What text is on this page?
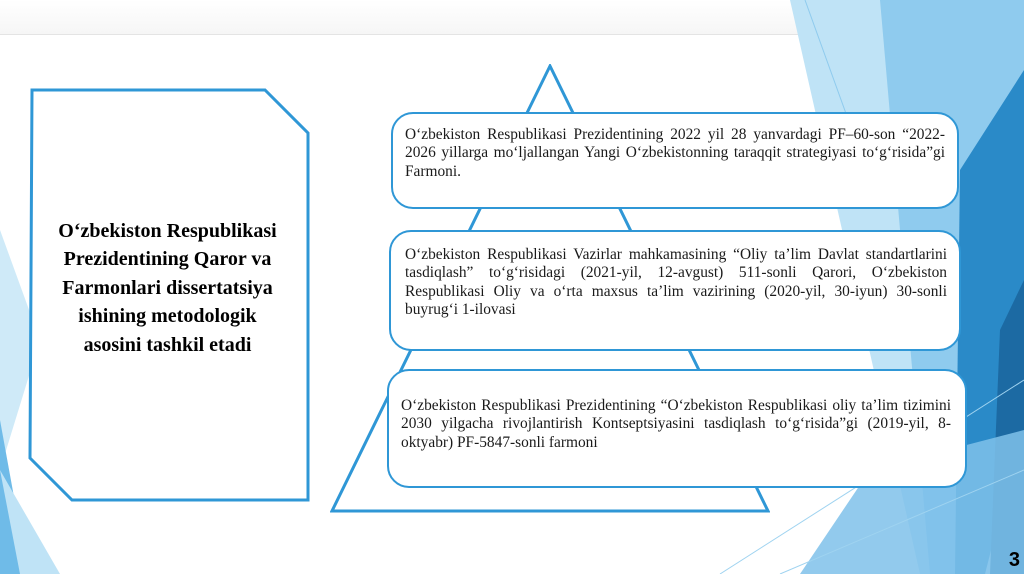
O‘zbekiston Respublikasi Prezidentining Qaror va Farmonlari dissertatsiya ishining metodologik asosini tashkil etadi

O‘zbekiston Respublikasi Prezidentining 2022 yil 28 yanvardagi PF–60-son “2022-2026 yillarga mo‘ljallangan Yangi O‘zbekistonning taraqqit strategiyasi to‘g‘risida”gi Farmoni.

O‘zbekiston Respublikasi Vazirlar mahkamasining “Oliy ta’lim Davlat standartlarini tasdiqlash” to‘g‘risidagi (2021-yil, 12-avgust) 511-sonli Qarori, O‘zbekiston Respublikasi Oliy va o‘rta maxsus ta’lim vazirining (2020-yil, 30-iyun) 30-sonli buyrug‘i 1-ilovasi

O‘zbekiston Respublikasi Prezidentining “O‘zbekiston Respublikasi oliy ta’lim tizimini 2030 yilgacha rivojlantirish Kontseptsiyasini tasdiqlash to‘g‘risida”gi (2019-yil, 8-oktyabr) PF-5847-sonli farmoni

3
